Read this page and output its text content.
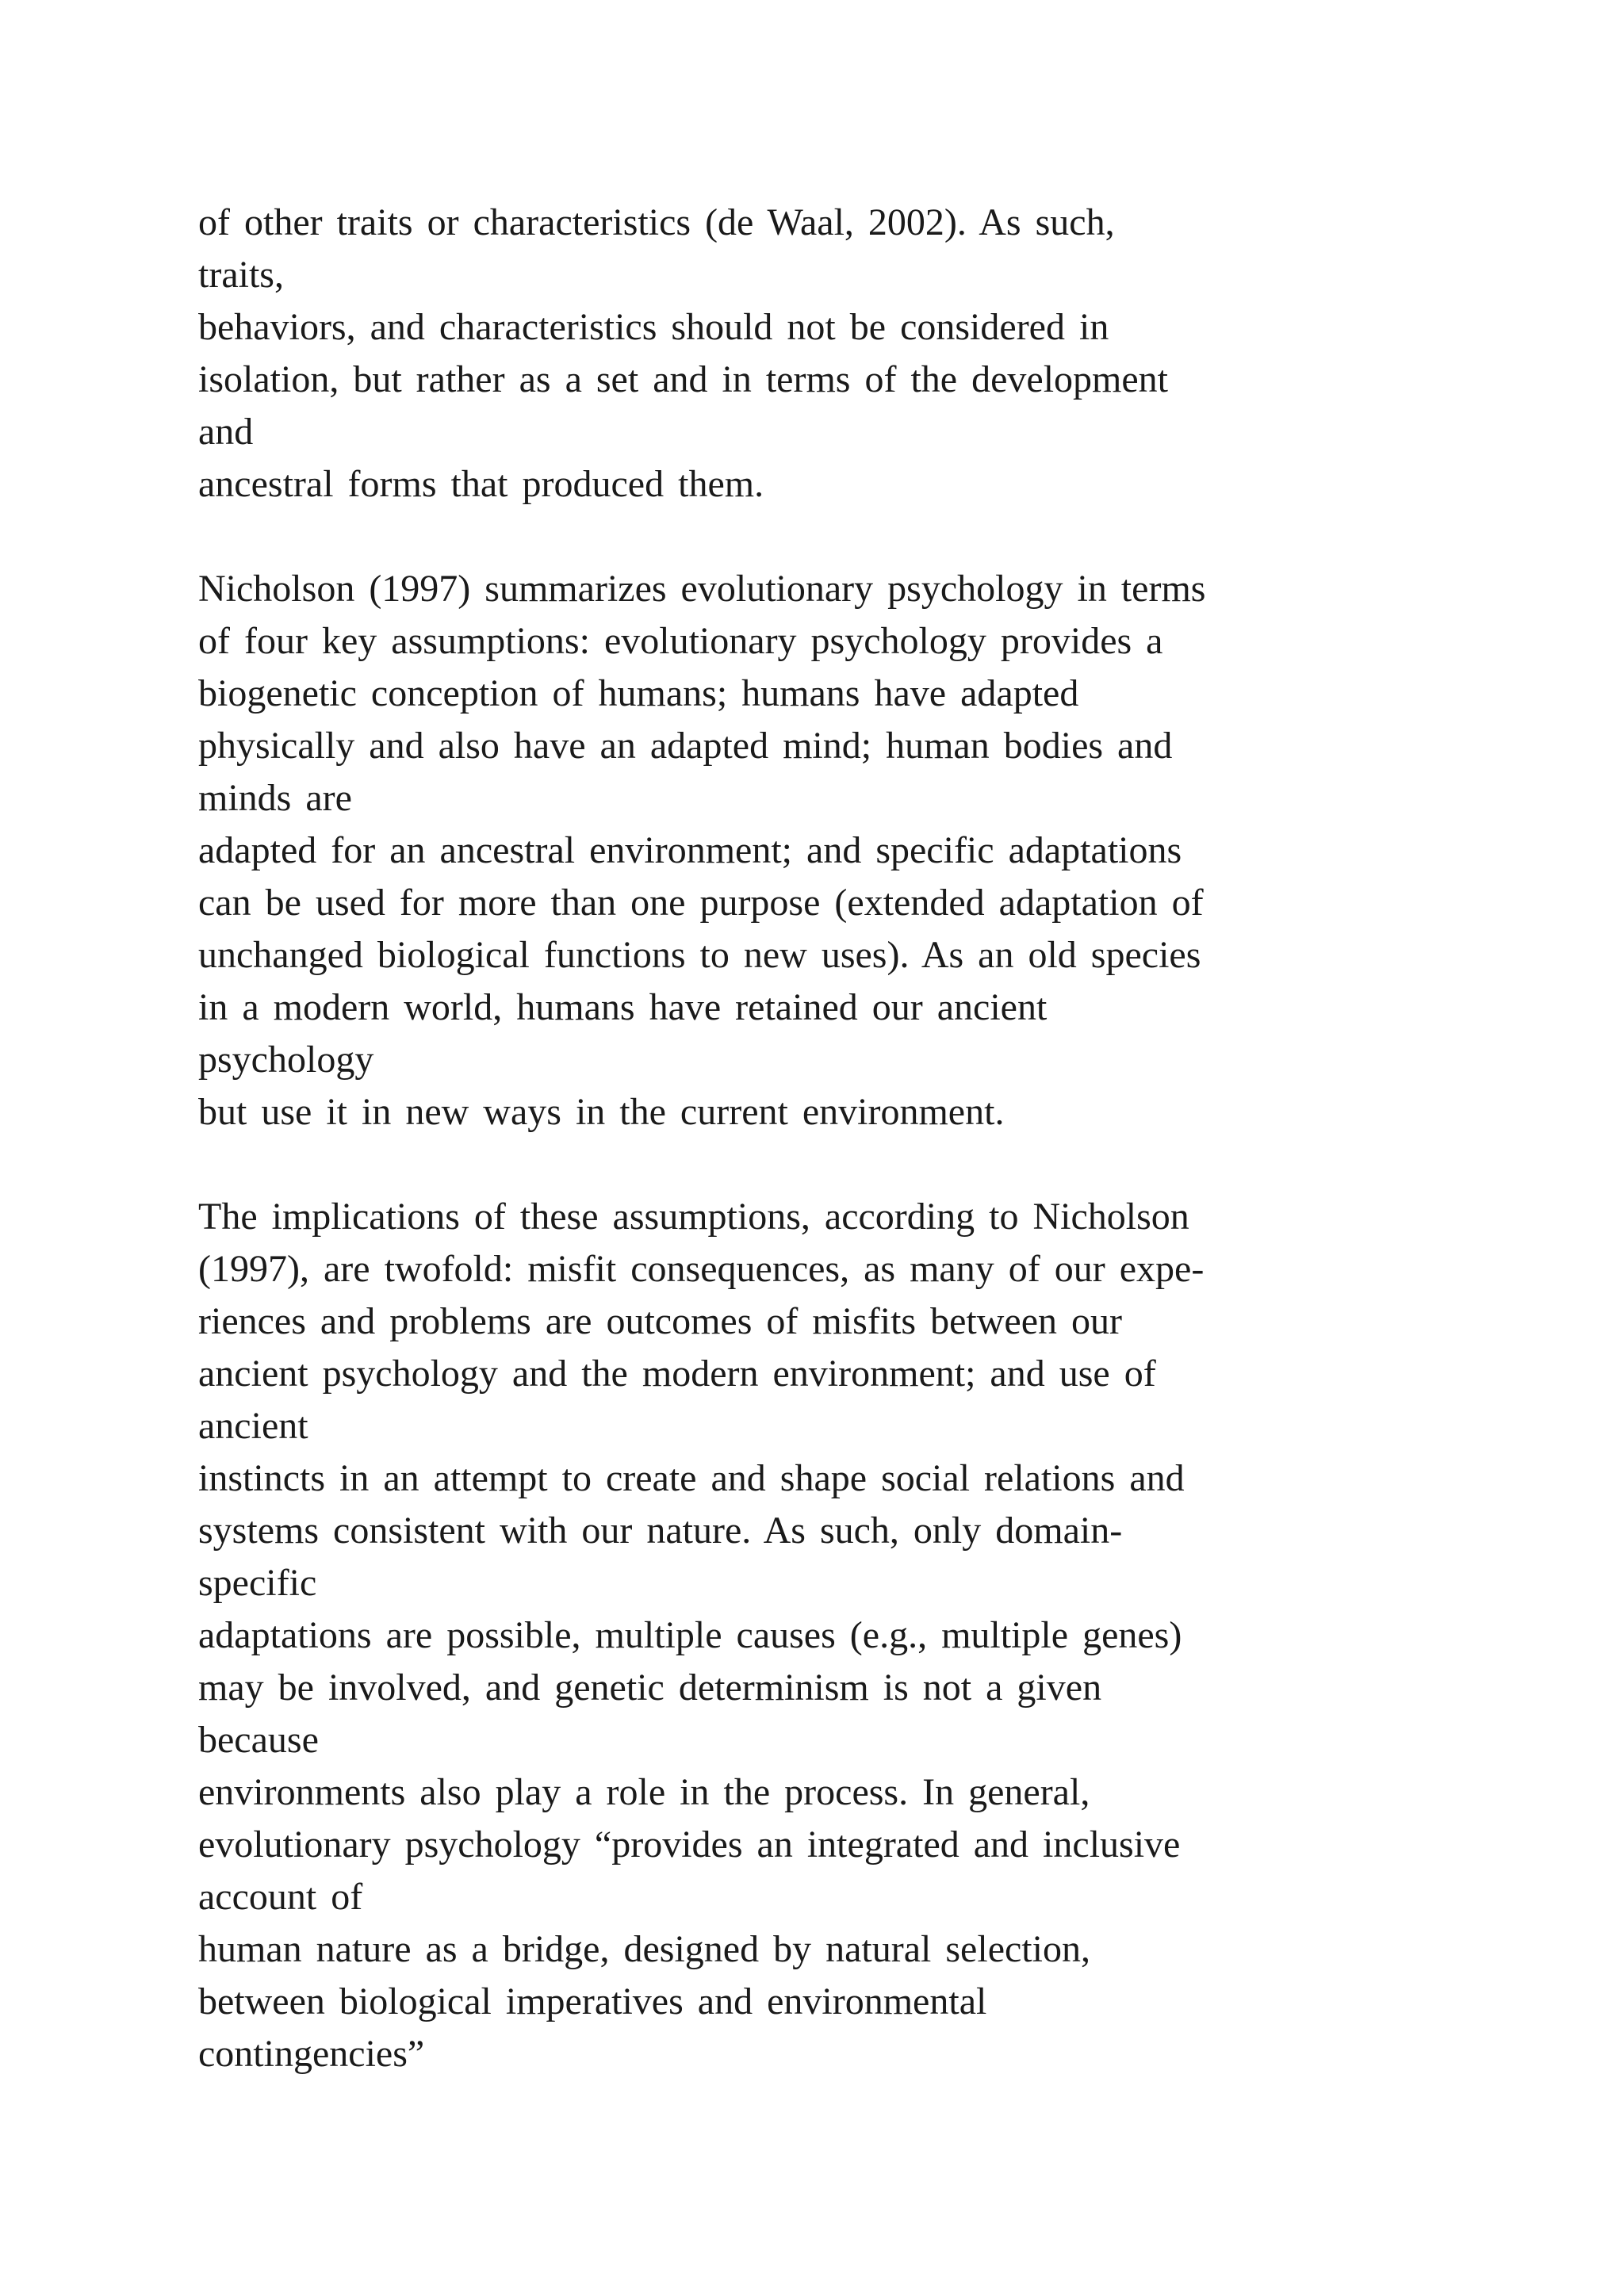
of other traits or characteristics (de Waal, 2002). As such,
traits,
behaviors, and characteristics should not be considered in
isolation, but rather as a set and in terms of the development
and
ancestral forms that produced them.
Nicholson (1997) summarizes evolutionary psychology in terms
of four key assumptions: evolutionary psychology provides a
biogenetic conception of humans; humans have adapted
physically and also have an adapted mind; human bodies and
minds are
adapted for an ancestral environment; and specific adaptations
can be used for more than one purpose (extended adaptation of
unchanged biological functions to new uses). As an old species
in a modern world, humans have retained our ancient
psychology
but use it in new ways in the current environment.
The implications of these assumptions, according to Nicholson
(1997), are twofold: misfit consequences, as many of our expe-
riences and problems are outcomes of misfits between our
ancient psychology and the modern environment; and use of
ancient
instincts in an attempt to create and shape social relations and
systems consistent with our nature. As such, only domain-
specific
adaptations are possible, multiple causes (e.g., multiple genes)
may be involved, and genetic determinism is not a given
because
environments also play a role in the process. In general,
evolutionary psychology “provides an integrated and inclusive
account of
human nature as a bridge, designed by natural selection,
between biological imperatives and environmental
contingencies”
